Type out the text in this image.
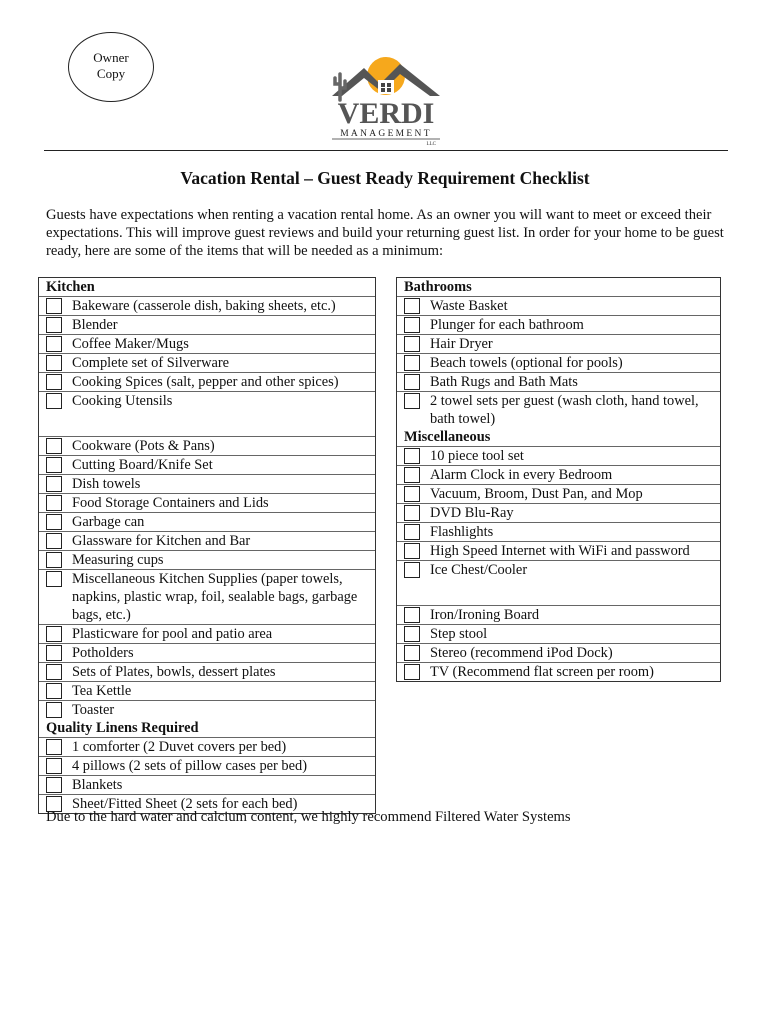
Owner
Copy
VERDI
MANAGEMENT
LLC
Vacation Rental – Guest Ready Requirement Checklist
Guests have expectations when renting a vacation rental home. As an owner you will want to meet or exceed their expectations. This will improve guest reviews and build your returning guest list. In order for your home to be guest ready, here are some of the items that will be needed as a minimum:
Kitchen
Bakeware (casserole dish, baking sheets, etc.)
Blender
Coffee Maker/Mugs
Complete set of Silverware
Cooking Spices (salt, pepper and other spices)
Cooking Utensils
Cookware (Pots & Pans)
Cutting Board/Knife Set
Dish towels
Food Storage Containers and Lids
Garbage can
Glassware for Kitchen and Bar
Measuring cups
Miscellaneous Kitchen Supplies (paper towels, napkins, plastic wrap, foil, sealable bags, garbage bags, etc.)
Plasticware for pool and patio area
Potholders
Sets of Plates, bowls, dessert plates
Tea Kettle
Toaster
Quality Linens Required
1 comforter (2 Duvet covers per bed)
4 pillows (2 sets of pillow cases per bed)
Blankets
Sheet/Fitted Sheet (2 sets for each bed)
Bathrooms
Waste Basket
Plunger for each bathroom
Hair Dryer
Beach towels (optional for pools)
Bath Rugs and Bath Mats
2 towel sets per guest (wash cloth, hand towel, bath towel)
Miscellaneous
10 piece tool set
Alarm Clock in every Bedroom
Vacuum, Broom, Dust Pan, and Mop
DVD Blu-Ray
Flashlights
High Speed Internet with WiFi and password
Ice Chest/Cooler
Iron/Ironing Board
Step stool
Stereo (recommend iPod Dock)
TV (Recommend flat screen per room)
Due to the hard water and calcium content, we highly recommend Filtered Water Systems
